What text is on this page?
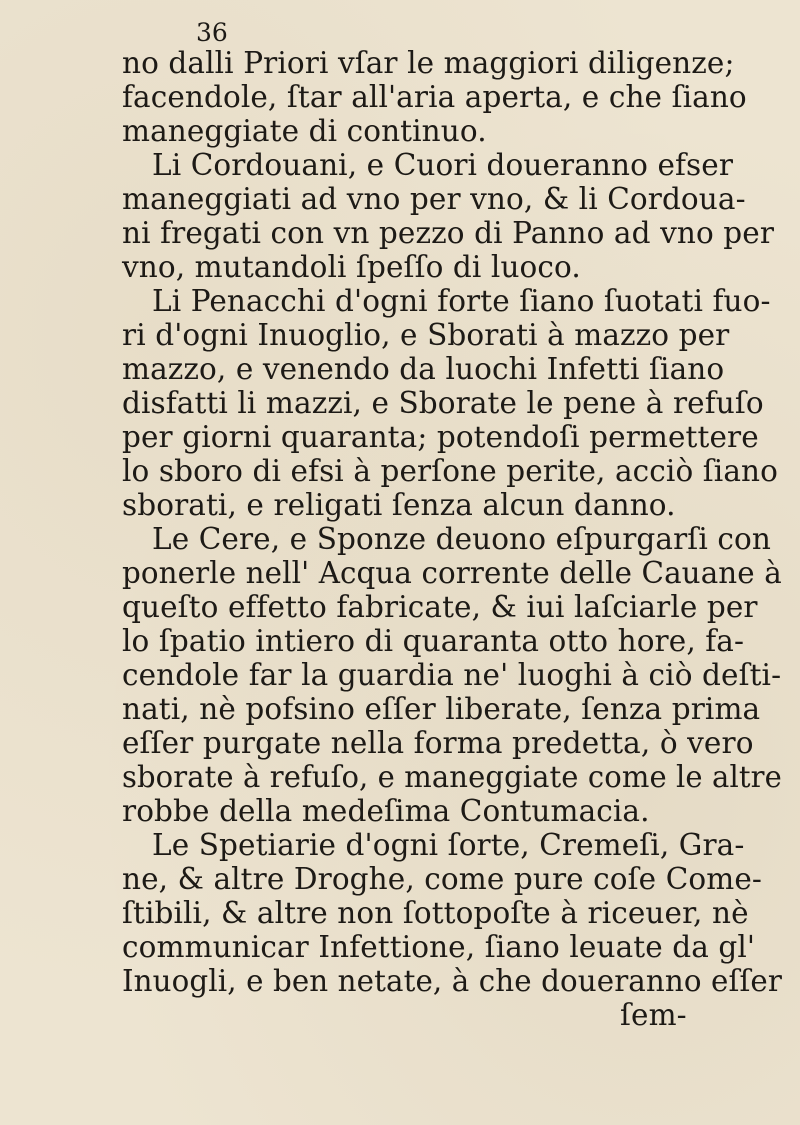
36
no dalli Priori vſar le maggiori diligenze;
facendole, ſtar all'aria aperta, e che ſiano
maneggiate di continuo.
Li Cordouani, e Cuori doueranno efser
maneggiati ad vno per vno, & li Cordoua-
ni fregati con vn pezzo di Panno ad vno per
vno, mutandoli ſpeſſo di luoco.
Li Penacchi d'ogni forte ſiano ſuotati fuo-
ri d'ogni Inuoglio, e Sborati à mazzo per
mazzo, e venendo da luochi Infetti ſiano
disfatti li mazzi, e Sborate le pene à refuſo
per giorni quaranta; potendoſi permettere
lo sboro di efsi à perſone perite, acciò ſiano
sborati, e religati ſenza alcun danno.
Le Cere, e Sponze deuono eſpurgarſi con
ponerle nell' Acqua corrente delle Cauane à
queſto effetto fabricate, & iui laſciarle per
lo ſpatio intiero di quaranta otto hore, fa-
cendole far la guardia ne' luoghi à ciò deſti-
nati, nè pofsino eſſer liberate, ſenza prima
eſſer purgate nella forma predetta, ò vero
sborate à refuſo, e maneggiate come le altre
robbe della medeſima Contumacia.
Le Spetiarie d'ogni ſorte, Cremeſi, Gra-
ne, & altre Droghe, come pure coſe Come-
ſtibili, & altre non ſottopoſte à riceuer, nè
communicar Infettione, ſiano leuate da gl'
Inuogli, e ben netate, à che doueranno eſſer
ſem-
